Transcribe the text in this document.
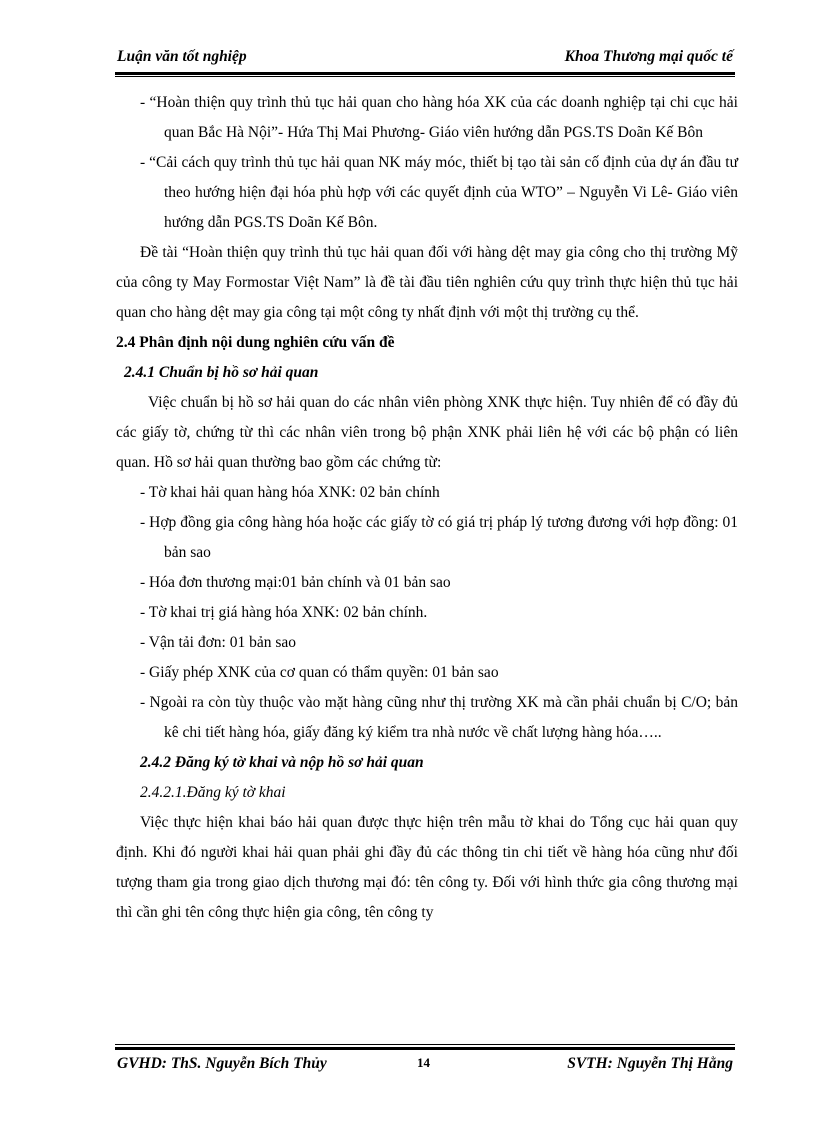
Luận văn tốt nghiệp	Khoa Thương mại quốc tế

- “Hoàn thiện quy trình thủ tục hải quan cho hàng hóa XK của các doanh nghiệp tại chi cục hải quan Bắc Hà Nội”- Hứa Thị Mai Phương- Giáo viên hướng dẫn PGS.TS Doãn Kế Bôn

- “Cải cách quy trình thủ tục hải quan NK máy móc, thiết bị tạo tài sản cố định của dự án đầu tư theo hướng hiện đại hóa phù hợp với các quyết định của WTO” – Nguyễn Vi Lê- Giáo viên hướng dẫn PGS.TS Doãn Kế Bôn.

Đề tài “Hoàn thiện quy trình thủ tục hải quan đối với hàng dệt may gia công cho thị trường Mỹ của công ty May Formostar Việt Nam” là đề tài đầu tiên nghiên cứu quy trình thực hiện thủ tục hải quan cho hàng dệt may gia công tại một công ty nhất định với một thị trường cụ thể.

2.4 Phân định nội dung nghiên cứu vấn đề

2.4.1 Chuẩn bị hồ sơ hải quan

Việc chuẩn bị hồ sơ hải quan do các nhân viên phòng XNK thực hiện. Tuy nhiên để có đầy đủ các giấy tờ, chứng từ thì các nhân viên trong bộ phận XNK phải liên hệ với các bộ phận có liên quan. Hồ sơ hải quan thường bao gồm các chứng từ:

- Tờ khai hải quan hàng hóa XNK: 02 bản chính

- Hợp đồng gia công hàng hóa hoặc các giấy tờ có giá trị pháp lý tương đương với hợp đồng: 01 bản sao

- Hóa đơn thương mại:01 bản chính và 01 bản sao

- Tờ khai trị giá hàng hóa XNK: 02 bản chính.

- Vận tải đơn: 01 bản sao

- Giấy phép XNK của cơ quan có thẩm quyền: 01 bản sao

- Ngoài ra còn tùy thuộc vào mặt hàng cũng như thị trường XK mà cần phải chuẩn bị C/O; bản kê chi tiết hàng hóa, giấy đăng ký kiểm tra nhà nước về chất lượng hàng hóa…..

2.4.2 Đăng ký tờ khai và nộp hồ sơ hải quan

2.4.2.1.Đăng ký tờ khai

Việc thực hiện khai báo hải quan được thực hiện trên mẫu tờ khai do Tổng cục hải quan quy định. Khi đó người khai hải quan phải ghi đầy đủ các thông tin chi tiết về hàng hóa cũng như đối tượng tham gia trong giao dịch thương mại đó: tên công ty. Đối với hình thức gia công thương mại thì cần ghi tên công thực hiện gia công, tên công ty

GVHD: ThS. Nguyễn Bích Thủy	14	SVTH: Nguyễn Thị Hằng
